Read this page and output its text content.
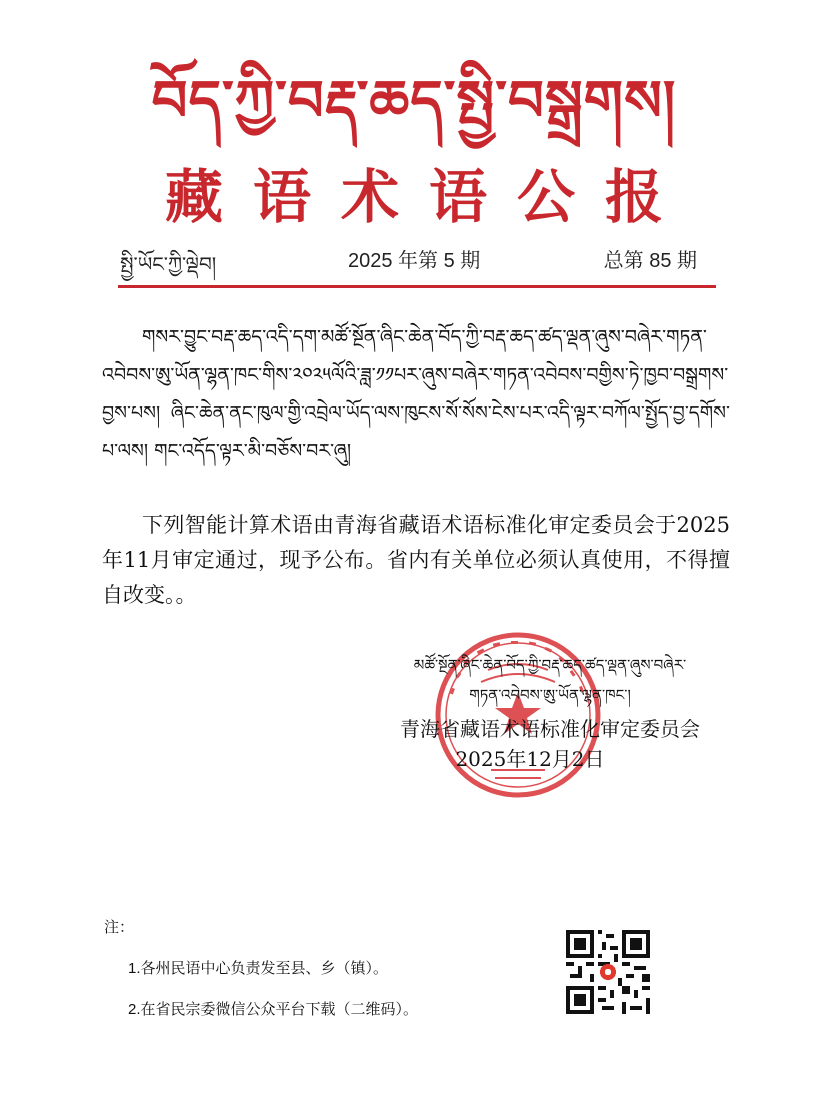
བོད་ཀྱི་བརྡ་ཆད་སྤྱི་བསྒྲགས།
藏语术语公报
སྤྱི་ཡོང་ཀྱི་ལྡེབ།	2025 年第 5 期	总第 85 期
གསར་བྱུང་བརྡ་ཆད་འདི་དག་མཚོ་སྔོན་ཞིང་ཆེན་བོད་ཀྱི་བརྡ་ཆད་ཚད་ལྡན་ཞུས་བཞེར་གཏན་འབེབས་ཨུ་ཡོན་ལྷན་ཁང་གིས་༢༠༢༥ལོའི་ཟླ་༡༡པར་ཞུས་བཞེར་གཏན་འབེབས་བགྱིས་ཏེ་ཁྱབ་བསྒྲགས་བྱས་པས། ཞིང་ཆེན་ནང་ཁུལ་གྱི་འབྲེལ་ཡོད་ལས་ཁུངས་སོ་སོས་ངེས་པར་འདི་ལྟར་བཀོལ་སྤྱོད་བྱ་དགོས་པ་ལས། གང་འདོད་ལྟར་མི་བཅོས་བར་ཞུ།
下列智能计算术语由青海省藏语术语标准化审定委员会于2025年11月审定通过，现予公布。省内有关单位必须认真使用，不得擅自改变。。
མཚོ་སྔོན་ཞིང་ཆེན་བོད་ཀྱི་བརྡ་ཆད་ཚད་ལྡན་ཞུས་བཞེར་
གཏན་འབེབས་ཨུ་ཡོན་ལྷན་ཁང་།
青海省藏语术语标准化审定委员会
2025年12月2日
注：
1.各州民语中心负责发至县、乡（镇）。
2.在省民宗委微信公众平台下载（二维码）。
